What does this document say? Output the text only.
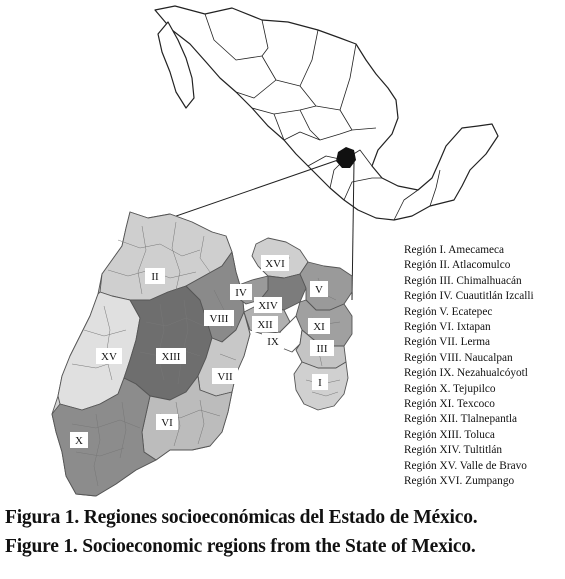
II
XV	XIII
VIII
VII
VI
X
XVI
IV
XIV
V
XII	XI
IX
III
I
Región I. Amecameca
Región II. Atlacomulco
Región III. Chimalhuacán
Región IV. Cuautitlán Izcalli
Región V. Ecatepec
Región VI. Ixtapan
Región VII. Lerma
Región VIII. Naucalpan
Región IX. Nezahualcóyotl
Región X. Tejupilco
Región XI. Texcoco
Región XII. Tlalnepantla
Región XIII. Toluca
Región XIV. Tultitlán
Región XV. Valle de Bravo
Región XVI. Zumpango
Figura 1. Regiones socioeconómicas del Estado de México.
Figure 1. Socioeconomic regions from the State of Mexico.
